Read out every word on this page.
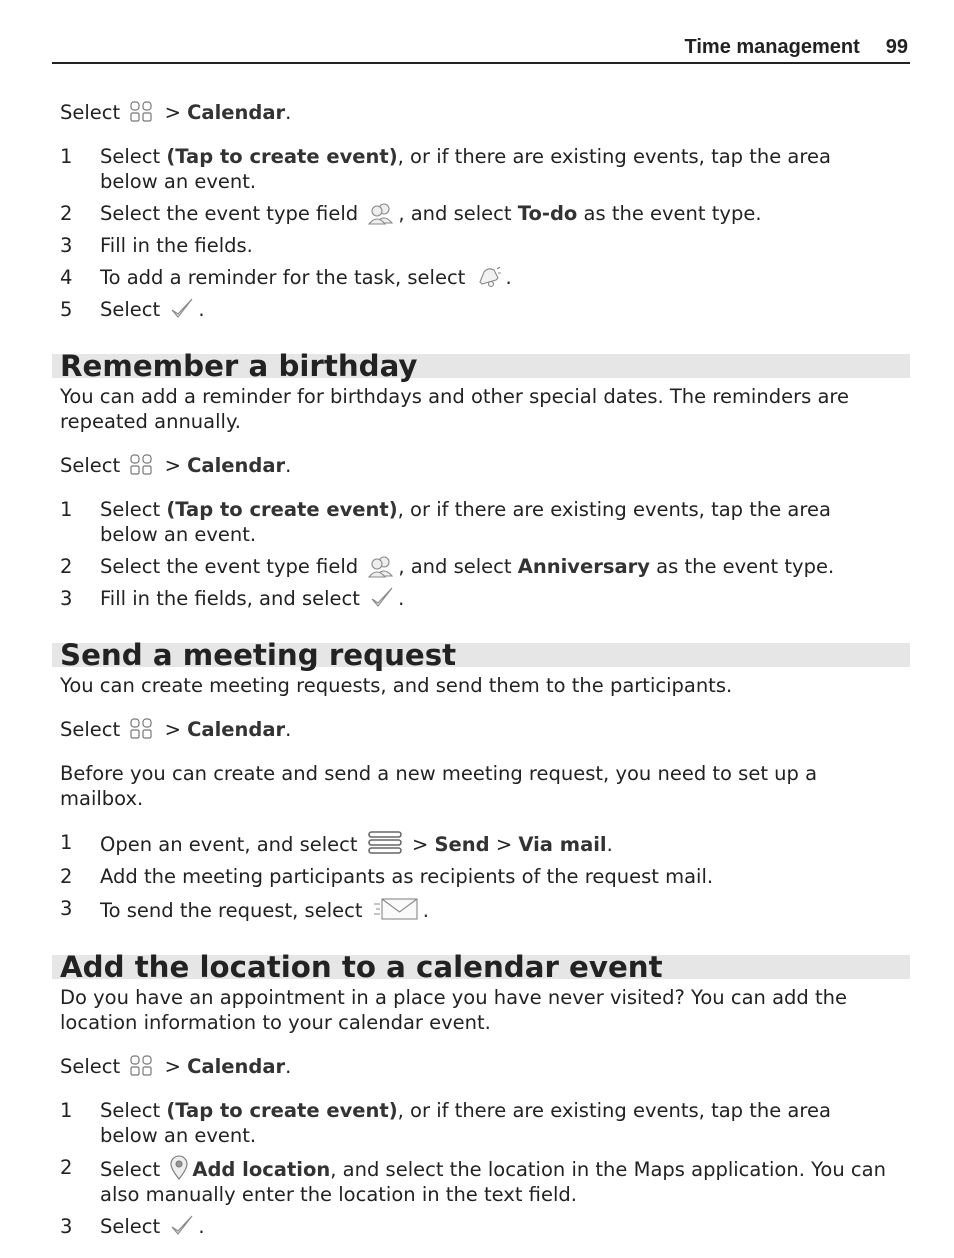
Time management 99

Select > Calendar.

1	Select (Tap to create event), or if there are existing events, tap the area below an event.
2	Select the event type field , and select To-do as the event type.
3	Fill in the fields.
4	To add a reminder for the task, select .
5	Select .
Remember a birthday

You can add a reminder for birthdays and other special dates. The reminders are repeated annually.

Select > Calendar.

1	Select (Tap to create event), or if there are existing events, tap the area below an event.
2	Select the event type field , and select Anniversary as the event type.
3	Fill in the fields, and select .
Send a meeting request

You can create meeting requests, and send them to the participants.

Select > Calendar.

Before you can create and send a new meeting request, you need to set up a mailbox.

1	Open an event, and select  > Send > Via mail.
2	Add the meeting participants as recipients of the request mail.
3	To send the request, select	.
Add the location to a calendar event

Do you have an appointment in a place you have never visited? You can add the location information to your calendar event.

Select > Calendar.

1	Select (Tap to create event), or if there are existing events, tap the area below an event.
2	Select Add location, and select the location in the Maps application. You can also manually enter the location in the text field.
3	Select .
